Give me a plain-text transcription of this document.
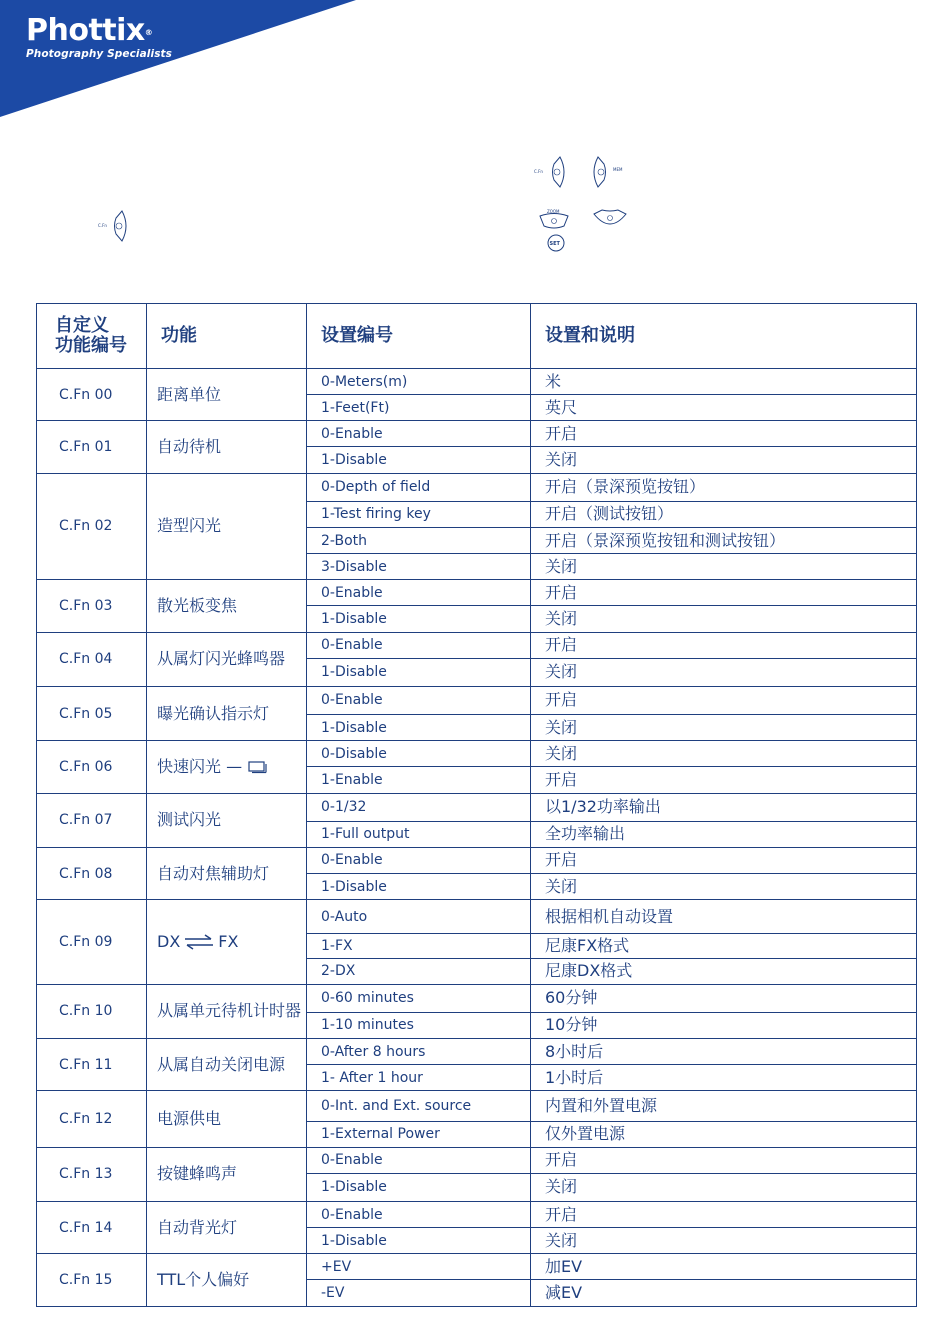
Phottix®
Photography Specialists
C.Fn
C.Fn	MEM
ZOOM
SET
自定义
功能编号	功能	设置编号	设置和说明
C.Fn 00	距离单位	0-Meters(m)	米
		1-Feet(Ft)	英尺
C.Fn 01	自动待机	0-Enable	开启
		1-Disable	关闭
C.Fn 02	造型闪光	0-Depth of field	开启（景深预览按钮）
		1-Test firing key	开启（测试按钮）
		2-Both	开启（景深预览按钮和测试按钮）
		3-Disable	关闭
C.Fn 03	散光板变焦	0-Enable	开启
		1-Disable	关闭
C.Fn 04	从属灯闪光蜂鸣器	0-Enable	开启
		1-Disable	关闭
C.Fn 05	曝光确认指示灯	0-Enable	开启
		1-Disable	关闭
C.Fn 06	快速闪光 —	0-Disable	关闭
		1-Enable	开启
C.Fn 07	测试闪光	0-1/32	以1/32功率输出
		1-Full output	全功率输出
C.Fn 08	自动对焦辅助灯	0-Enable	开启
		1-Disable	关闭
C.Fn 09	DX FX	0-Auto	根据相机自动设置
		1-FX	尼康FX格式
		2-DX	尼康DX格式
C.Fn 10	从属单元待机计时器	0-60 minutes	60分钟
		1-10 minutes	10分钟
C.Fn 11	从属自动关闭电源	0-After 8 hours	8小时后
		1- After 1 hour	1小时后
C.Fn 12	电源供电	0-Int. and Ext. source	内置和外置电源
		1-External Power	仅外置电源
C.Fn 13	按键蜂鸣声	0-Enable	开启
		1-Disable	关闭
C.Fn 14	自动背光灯	0-Enable	开启
		1-Disable	关闭
C.Fn 15	TTL个人偏好	+EV	加EV
		-EV	减EV
